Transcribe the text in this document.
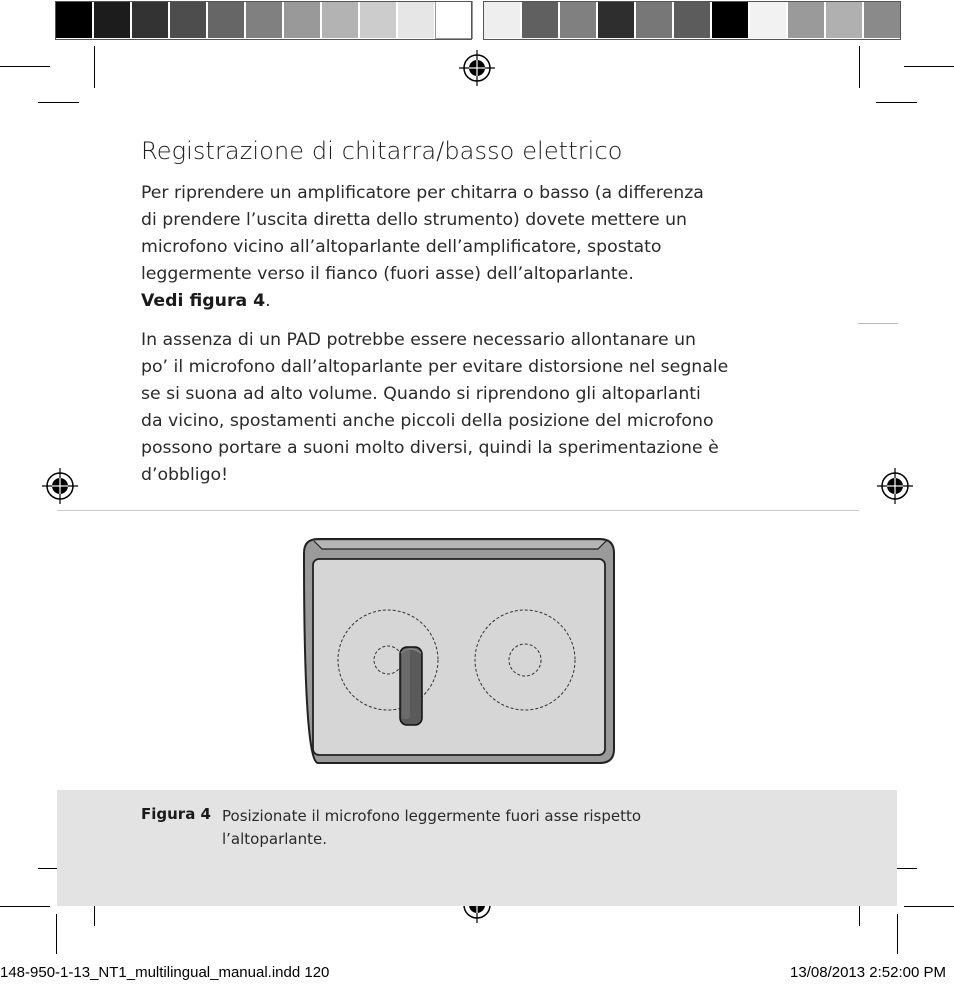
Registrazione di chitarra/basso elettrico
Per riprendere un amplificatore per chitarra o basso (a differenza
di prendere l’uscita diretta dello strumento) dovete mettere un
microfono vicino all’altoparlante dell’amplificatore, spostato
leggermente verso il fianco (fuori asse) dell’altoparlante.
Vedi figura 4.
In assenza di un PAD potrebbe essere necessario allontanare un
po’ il microfono dall’altoparlante per evitare distorsione nel segnale
se si suona ad alto volume. Quando si riprendono gli altoparlanti
da vicino, spostamenti anche piccoli della posizione del microfono
possono portare a suoni molto diversi, quindi la sperimentazione è
d’obbligo!
Figura 4 Posizionate il microfono leggermente fuori asse rispetto
l’altoparlante.
148-950-1-13_NT1_multilingual_manual.indd 120	13/08/2013 2:52:00 PM
